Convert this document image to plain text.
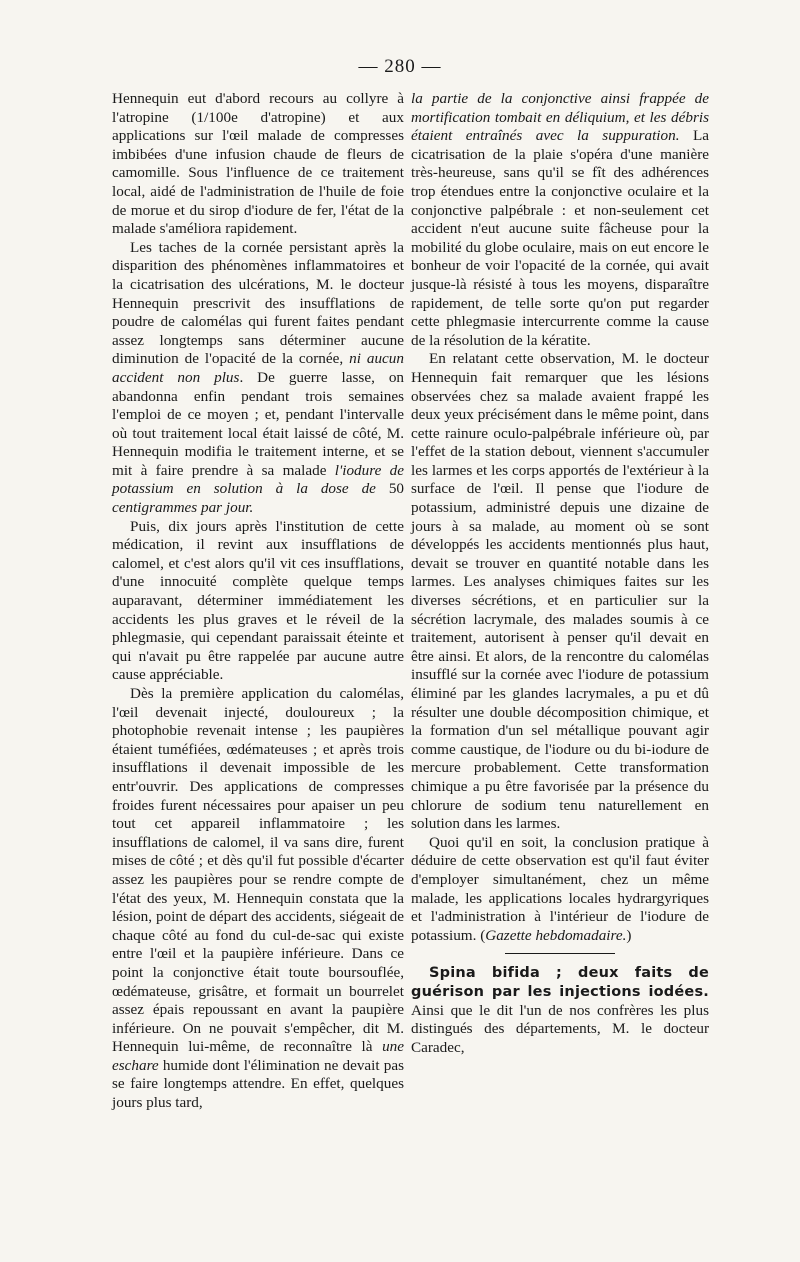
— 280 —

Hennequin eut d'abord recours au collyre à l'atropine (1/100e d'atropine) et aux applications sur l'œil malade de compresses imbibées d'une infusion chaude de fleurs de camomille. Sous l'influence de ce traitement local, aidé de l'administration de l'huile de foie de morue et du sirop d'iodure de fer, l'état de la malade s'améliora rapidement.

Les taches de la cornée persistant après la disparition des phénomènes inflammatoires et la cicatrisation des ulcérations, M. le docteur Hennequin prescrivit des insufflations de poudre de calomélas qui furent faites pendant assez longtemps sans déterminer aucune diminution de l'opacité de la cornée, ni aucun accident non plus. De guerre lasse, on abandonna enfin pendant trois semaines l'emploi de ce moyen ; et, pendant l'intervalle où tout traitement local était laissé de côté, M. Hennequin modifia le traitement interne, et se mit à faire prendre à sa malade l'iodure de potassium en solution à la dose de 50 centigrammes par jour.

Puis, dix jours après l'institution de cette médication, il revint aux insufflations de calomel, et c'est alors qu'il vit ces insufflations, d'une innocuité complète quelque temps auparavant, déterminer immédiatement les accidents les plus graves et le réveil de la phlegmasie, qui cependant paraissait éteinte et qui n'avait pu être rappelée par aucune autre cause appréciable.

Dès la première application du calomélas, l'œil devenait injecté, douloureux ; la photophobie revenait intense ; les paupières étaient tuméfiées, œdémateuses ; et après trois insufflations il devenait impossible de les entr'ouvrir. Des applications de compresses froides furent nécessaires pour apaiser un peu tout cet appareil inflammatoire ; les insufflations de calomel, il va sans dire, furent mises de côté ; et dès qu'il fut possible d'écarter assez les paupières pour se rendre compte de l'état des yeux, M. Hennequin constata que la lésion, point de départ des accidents, siégeait de chaque côté au fond du cul-de-sac qui existe entre l'œil et la paupière inférieure. Dans ce point la conjonctive était toute boursouflée, œdémateuse, grisâtre, et formait un bourrelet assez épais repoussant en avant la paupière inférieure. On ne pouvait s'empêcher, dit M. Hennequin lui-même, de reconnaître là une eschare humide dont l'élimination ne devait pas se faire longtemps attendre. En effet, quelques jours plus tard,

la partie de la conjonctive ainsi frappée de mortification tombait en déliquium, et les débris étaient entraînés avec la suppuration. La cicatrisation de la plaie s'opéra d'une manière très-heureuse, sans qu'il se fît des adhérences trop étendues entre la conjonctive oculaire et la conjonctive palpébrale : et non-seulement cet accident n'eut aucune suite fâcheuse pour la mobilité du globe oculaire, mais on eut encore le bonheur de voir l'opacité de la cornée, qui avait jusque-là résisté à tous les moyens, disparaître rapidement, de telle sorte qu'on put regarder cette phlegmasie intercurrente comme la cause de la résolution de la kératite.

En relatant cette observation, M. le docteur Hennequin fait remarquer que les lésions observées chez sa malade avaient frappé les deux yeux précisément dans le même point, dans cette rainure oculo-palpébrale inférieure où, par l'effet de la station debout, viennent s'accumuler les larmes et les corps apportés de l'extérieur à la surface de l'œil. Il pense que l'iodure de potassium, administré depuis une dizaine de jours à sa malade, au moment où se sont développés les accidents mentionnés plus haut, devait se trouver en quantité notable dans les larmes. Les analyses chimiques faites sur les diverses sécrétions, et en particulier sur la sécrétion lacrymale, des malades soumis à ce traitement, autorisent à penser qu'il devait en être ainsi. Et alors, de la rencontre du calomélas insufflé sur la cornée avec l'iodure de potassium éliminé par les glandes lacrymales, a pu et dû résulter une double décomposition chimique, et la formation d'un sel métallique pouvant agir comme caustique, de l'iodure ou du bi-iodure de mercure probablement. Cette transformation chimique a pu être favorisée par la présence du chlorure de sodium tenu naturellement en solution dans les larmes.

Quoi qu'il en soit, la conclusion pratique à déduire de cette observation est qu'il faut éviter d'employer simultanément, chez un même malade, les applications locales hydrargyriques et l'administration à l'intérieur de l'iodure de potassium. (Gazette hebdomadaire.)

Spina bifida ; deux faits de guérison par les injections iodées. Ainsi que le dit l'un de nos confrères les plus distingués des départements, M. le docteur Caradec,
